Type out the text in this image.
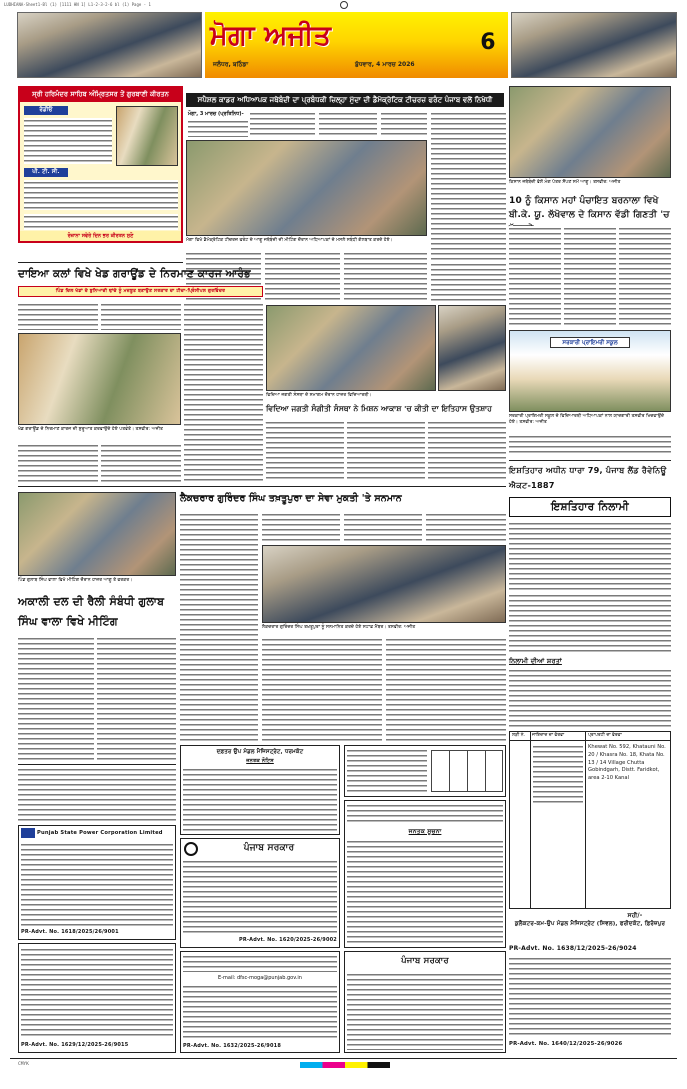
LUDHIANA-Sheet1-Bl (1) [1111 HN 1] L1-2-3-2-6 bl (1) Page - 1
ਮੋਗਾ ਅਜੀਤ
ਜਲੰਧਰ, ਬਠਿੰਡਾ	ਬੁੱਧਵਾਰ, 4 ਮਾਰਚ 2026
6
ਸ੍ਰੀ ਹਰਿਮੰਦਰ ਸਾਹਿਬ ਅੰਮ੍ਰਿਤਸਰ ਤੋਂ ਗੁਰਬਾਣੀ ਕੀਰਤਨ
ਰੇਡੀਓ
ਪੀ. ਟੀ. ਸੀ.
ਰੋਜ਼ਾਨਾ ਸਵੇਰੇ ਦਿਨ ਭਰ ਕੀਰਤਨ ਸੁਣੋ
ਸਪੈਸ਼ਲ ਕਾਡਰ ਅਧਿਆਪਕ ਜਥੇਬੰਦੀ ਦਾ ਪ੍ਰਬੰਧਕੀ ਜ਼ਿਲ੍ਹਾ ਮੁੱਦਾ ਦੀ ਡੈਮੋਕ੍ਰੇਟਿਕ ਟੀਚਰਜ਼ ਫਰੰਟ ਪੰਜਾਬ ਵਲੋਂ ਨਿਖੇਧੀ
ਮੋਗਾ, 3 ਮਾਰਚ (ਪ੍ਰਤਿਨਿਧ)-
ਮੋਗਾ ਵਿਖੇ ਡੈਮੋਕ੍ਰੇਟਿਕ ਟੀਚਰਜ਼ ਫਰੰਟ ਦੇ ਆਗੂ ਜਥੇਬੰਦੀ ਦੀ ਮੀਟਿੰਗ ਦੌਰਾਨ ਅਧਿਆਪਕਾਂ ਦੇ ਮਸਲੇ ਸਬੰਧੀ ਗੱਲਬਾਤ ਕਰਦੇ ਹੋਏ।
ਕਿਸਾਨ ਜਥੇਬੰਦੀ ਵੱਲੋਂ ਮੰਗ ਪੱਤਰ ਸੌਂਪਣ ਸਮੇਂ ਆਗੂ। ਤਸਵੀਰ: ਅਜੀਤ
10 ਨੂੰ ਕਿਸਾਨ ਮਹਾਂ ਪੰਚਾਇਤ ਬਰਨਾਲਾ ਵਿਖੇ ਬੀ.ਕੇ. ਯੂ. ਲੱਖੋਵਾਲ ਦੇ ਕਿਸਾਨ ਵੱਡੀ ਗਿਣਤੀ 'ਚ
ਸਰਕਾਰੀ ਪ੍ਰਾਇਮਰੀ ਸਕੂਲ
ਸਰਕਾਰੀ ਪ੍ਰਾਇਮਰੀ ਸਕੂਲ ਦੇ ਵਿਦਿਆਰਥੀ ਅਧਿਆਪਕਾਂ ਨਾਲ ਯਾਦਗਾਰੀ ਤਸਵੀਰ ਖਿਚਵਾਉਂਦੇ ਹੋਏ। ਤਸਵੀਰ: ਅਜੀਤ
ਦਾਇਆ ਕਲਾਂ ਵਿਖੇ ਖੇਡ ਗਰਾਊਂਡ ਦੇ ਨਿਰਮਾਣ ਕਾਰਜ ਆਰੰਭ
ਪਿੰਡ ਦਿਲ ਖੇਡਾਂ ਦੇ ਬੁਨਿਆਦੀ ਢਾਂਚੇ ਨੂੰ ਮਜ਼ਬੂਤ ਬਣਾਉਣ ਸਰਕਾਰ ਦਾ ਟੀਚਾ-ਪ੍ਰਿੰਸੀਪਲ ਗੁਰਵਿੰਦਰ
ਖੇਡ ਗਰਾਊਂਡ ਦੇ ਨਿਰਮਾਣ ਕਾਰਜ ਦੀ ਸ਼ੁਰੂਆਤ ਕਰਵਾਉਂਦੇ ਹੋਏ ਪਤਵੰਤੇ। ਤਸਵੀਰ: ਅਜੀਤ
ਵਿਦਿਆ ਜਗਤੀ ਸੰਸਥਾ ਦੇ ਸਮਾਗਮ ਦੌਰਾਨ ਹਾਜ਼ਰ ਵਿਦਿਆਰਥੀ।
ਵਿਦਿਆ ਜਗਤੀ ਸੰਗੀਤੀ ਸੰਸਥਾ ਨੇ ਮਿਸ਼ਨ ਆਕਾਸ਼ 'ਚ ਕੀਤੀ ਦਾ ਇਤਿਹਾਸ ਉਤਸ਼ਾਹ
ਲੈਕਚਰਾਰ ਗੁਰਿੰਦਰ ਸਿੰਘ ਤਖ਼ਤੂਪੁਰਾ ਦਾ ਸੇਵਾ ਮੁਕਤੀ 'ਤੇ ਸਨਮਾਨ
ਪਿੰਡ ਗੁਲਾਬ ਸਿੰਘ ਵਾਲਾ ਵਿਖੇ ਮੀਟਿੰਗ ਦੌਰਾਨ ਹਾਜ਼ਰ ਆਗੂ ਤੇ ਵਰਕਰ।
ਲੈਕਚਰਾਰ ਗੁਰਿੰਦਰ ਸਿੰਘ ਤਖ਼ਤੂਪੁਰਾ ਨੂੰ ਸਨਮਾਨਿਤ ਕਰਦੇ ਹੋਏ ਸਟਾਫ਼ ਮੈਂਬਰ। ਤਸਵੀਰ: ਅਜੀਤ
ਅਕਾਲੀ ਦਲ ਦੀ ਰੈਲੀ ਸੰਬੰਧੀ ਗੁਲਾਬ ਸਿੰਘ ਵਾਲਾ ਵਿਖੇ ਮੀਟਿੰਗ
ਇਸ਼ਤਿਹਾਰ ਅਧੀਨ ਧਾਰਾ 79, ਪੰਜਾਬ ਲੈਂਡ ਰੈਵੇਨਿਊ ਐਕਟ-1887
ਇਸ਼ਤਿਹਾਰ ਨਿਲਾਮੀ
ਨਿਲਾਮੀ ਦੀਆਂ ਸ਼ਰਤਾਂ
ਲੜੀ ਨੰ.	ਜਾਇਦਾਦ ਦਾ ਵੇਰਵਾ	ਪ੍ਰਾਪਰਟੀ ਦਾ ਵੇਰਵਾ
Khewat No. 592, Khatauni No. 20 / Khasra No. 18, Khata No. 13 / 14 Village Chutta Gobindgarh, Distt. Faridkot, area 2-10 Kanal
ਸਹੀ/-
ਕੁਲੈਕਟਰ-ਕਮ-ਉਪ ਮੰਡਲ ਮੈਜਿਸਟ੍ਰੇਟ (ਸਿਵਲ), ਫਰੀਦਕੋਟ, ਫ਼ਿਰੋਜ਼ਪੁਰ
PR-Advt. No. 1638/12/2025-26/9024
PR-Advt. No. 1640/12/2025-26/9026
Punjab State Power Corporation Limited
PR-Advt. No. 1618/2025/26/9001
PR-Advt. No. 1629/12/2025-26/9015
ਦਫ਼ਤਰ ਉਪ ਮੰਡਲ ਮੈਜਿਸਟ੍ਰੇਟ, ਧਰਮਕੋਟ
ਜਨਤਕ ਨੋਟਿਸ
ਪੰਜਾਬ ਸਰਕਾਰ
PR-Advt. No. 1620/2025-26/9002
ਜਨਤਕ ਸੂਚਨਾ
E-mail: dfsc-moga@punjab.gov.in
PR-Advt. No. 1632/2025-26/9018
ਪੰਜਾਬ ਸਰਕਾਰ
CMYK
